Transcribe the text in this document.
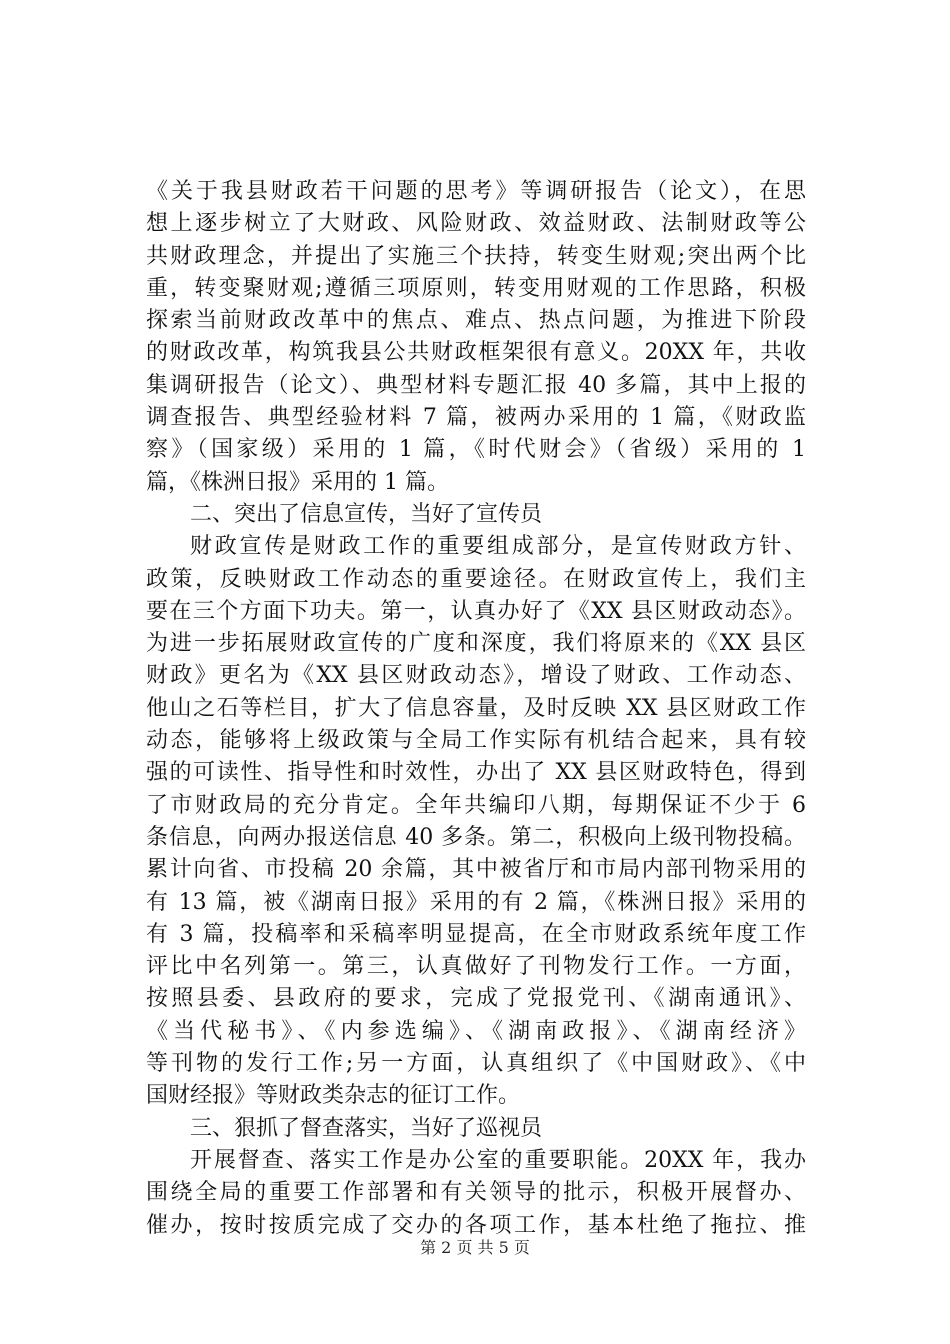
《关于我县财政若干问题的思考》等调研报告（论文），在思
想上逐步树立了大财政、风险财政、效益财政、法制财政等公
共财政理念，并提出了实施三个扶持，转变生财观;突出两个比
重，转变聚财观;遵循三项原则，转变用财观的工作思路，积极
探索当前财政改革中的焦点、难点、热点问题，为推进下阶段
的财政改革，构筑我县公共财政框架很有意义。20XX 年，共收
集调研报告（论文）、典型材料专题汇报 40 多篇，其中上报的
调查报告、典型经验材料 7 篇，被两办采用的 1 篇，《财政监
察》（国家级）采用的 1 篇，《时代财会》（省级）采用的 1
篇，《株洲日报》采用的 1 篇。
二、突出了信息宣传，当好了宣传员
财政宣传是财政工作的重要组成部分，是宣传财政方针、
政策，反映财政工作动态的重要途径。在财政宣传上，我们主
要在三个方面下功夫。第一，认真办好了《XX 县区财政动态》。
为进一步拓展财政宣传的广度和深度，我们将原来的《XX 县区
财政》更名为《XX 县区财政动态》，增设了财政、工作动态、
他山之石等栏目，扩大了信息容量，及时反映 XX 县区财政工作
动态，能够将上级政策与全局工作实际有机结合起来，具有较
强的可读性、指导性和时效性，办出了 XX 县区财政特色，得到
了市财政局的充分肯定。全年共编印八期，每期保证不少于 6
条信息，向两办报送信息 40 多条。第二，积极向上级刊物投稿。
累计向省、市投稿 20 余篇，其中被省厅和市局内部刊物采用的
有 13 篇，被《湖南日报》采用的有 2 篇，《株洲日报》采用的
有 3 篇，投稿率和采稿率明显提高，在全市财政系统年度工作
评比中名列第一。第三，认真做好了刊物发行工作。一方面，
按照县委、县政府的要求，完成了党报党刊、《湖南通讯》、
《当代秘书》、《内参选编》、《湖南政报》、《湖南经济》
等刊物的发行工作;另一方面，认真组织了《中国财政》、《中
国财经报》等财政类杂志的征订工作。
三、狠抓了督查落实，当好了巡视员
开展督查、落实工作是办公室的重要职能。20XX 年，我办
围绕全局的重要工作部署和有关领导的批示，积极开展督办、
催办，按时按质完成了交办的各项工作，基本杜绝了拖拉、推
第 2 页 共 5 页
